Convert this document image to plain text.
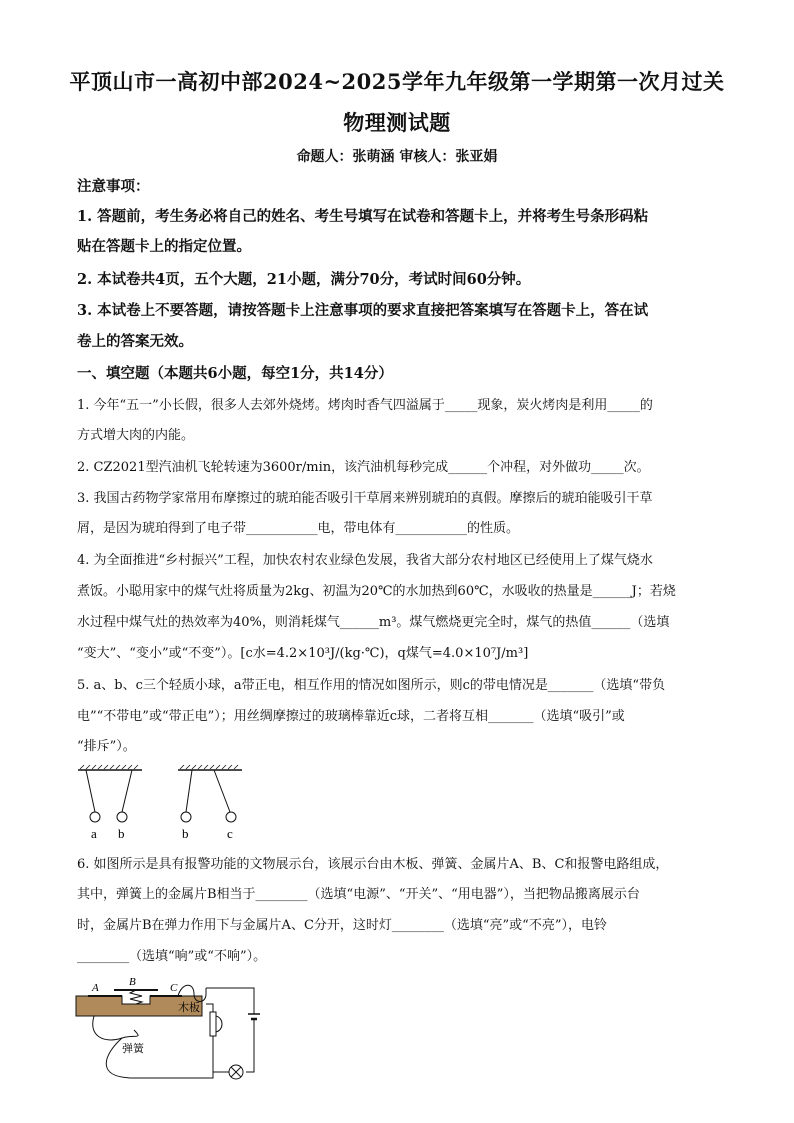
平顶山市一高初中部2024~2025学年九年级第一学期第一次月过关
物理测试题
命题人：张萌涵 审核人：张亚娟
注意事项：
1. 答题前，考生务必将自己的姓名、考生号填写在试卷和答题卡上，并将考生号条形码粘
贴在答题卡上的指定位置。
2. 本试卷共4页，五个大题，21小题，满分70分，考试时间60分钟。
3. 本试卷上不要答题，请按答题卡上注意事项的要求直接把答案填写在答题卡上，答在试
卷上的答案无效。
一、填空题（本题共6小题，每空1分，共14分）
1. 今年“五一”小长假，很多人去郊外烧烤。烤肉时香气四溢属于_____现象，炭火烤肉是利用_____的
方式增大肉的内能。
2. CZ2021型汽油机飞轮转速为3600r/min，该汽油机每秒完成______个冲程，对外做功_____次。
3. 我国古药物学家常用布摩擦过的琥珀能否吸引干草屑来辨别琥珀的真假。摩擦后的琥珀能吸引干草
屑，是因为琥珀得到了电子带___________电，带电体有___________的性质。
4. 为全面推进“乡村振兴”工程，加快农村农业绿色发展，我省大部分农村地区已经使用上了煤气烧水
煮饭。小聪用家中的煤气灶将质量为2kg、初温为20℃的水加热到60℃，水吸收的热量是______J；若烧
水过程中煤气灶的热效率为40%，则消耗煤气______m³。煤气燃烧更完全时，煤气的热值______（选填
“变大”、“变小”或“不变”）。[c水=4.2×10³J/(kg·℃)，q煤气=4.0×10⁷J/m³]
5. a、b、c三个轻质小球，a带正电，相互作用的情况如图所示，则c的带电情况是_______（选填“带负
电”“不带电”或“带正电”）；用丝绸摩擦过的玻璃棒靠近c球，二者将互相_______（选填“吸引”或
“排斥”）。
a b	b	c
6. 如图所示是具有报警功能的文物展示台，该展示台由木板、弹簧、金属片A、B、C和报警电路组成，
其中，弹簧上的金属片B相当于________（选填“电源”、“开关”、“用电器”），当把物品搬离展示台
时，金属片B在弹力作用下与金属片A、C分开，这时灯________（选填“亮”或“不亮”），电铃
________（选填“响”或“不响”）。
A	B	C
木板
弹簧
